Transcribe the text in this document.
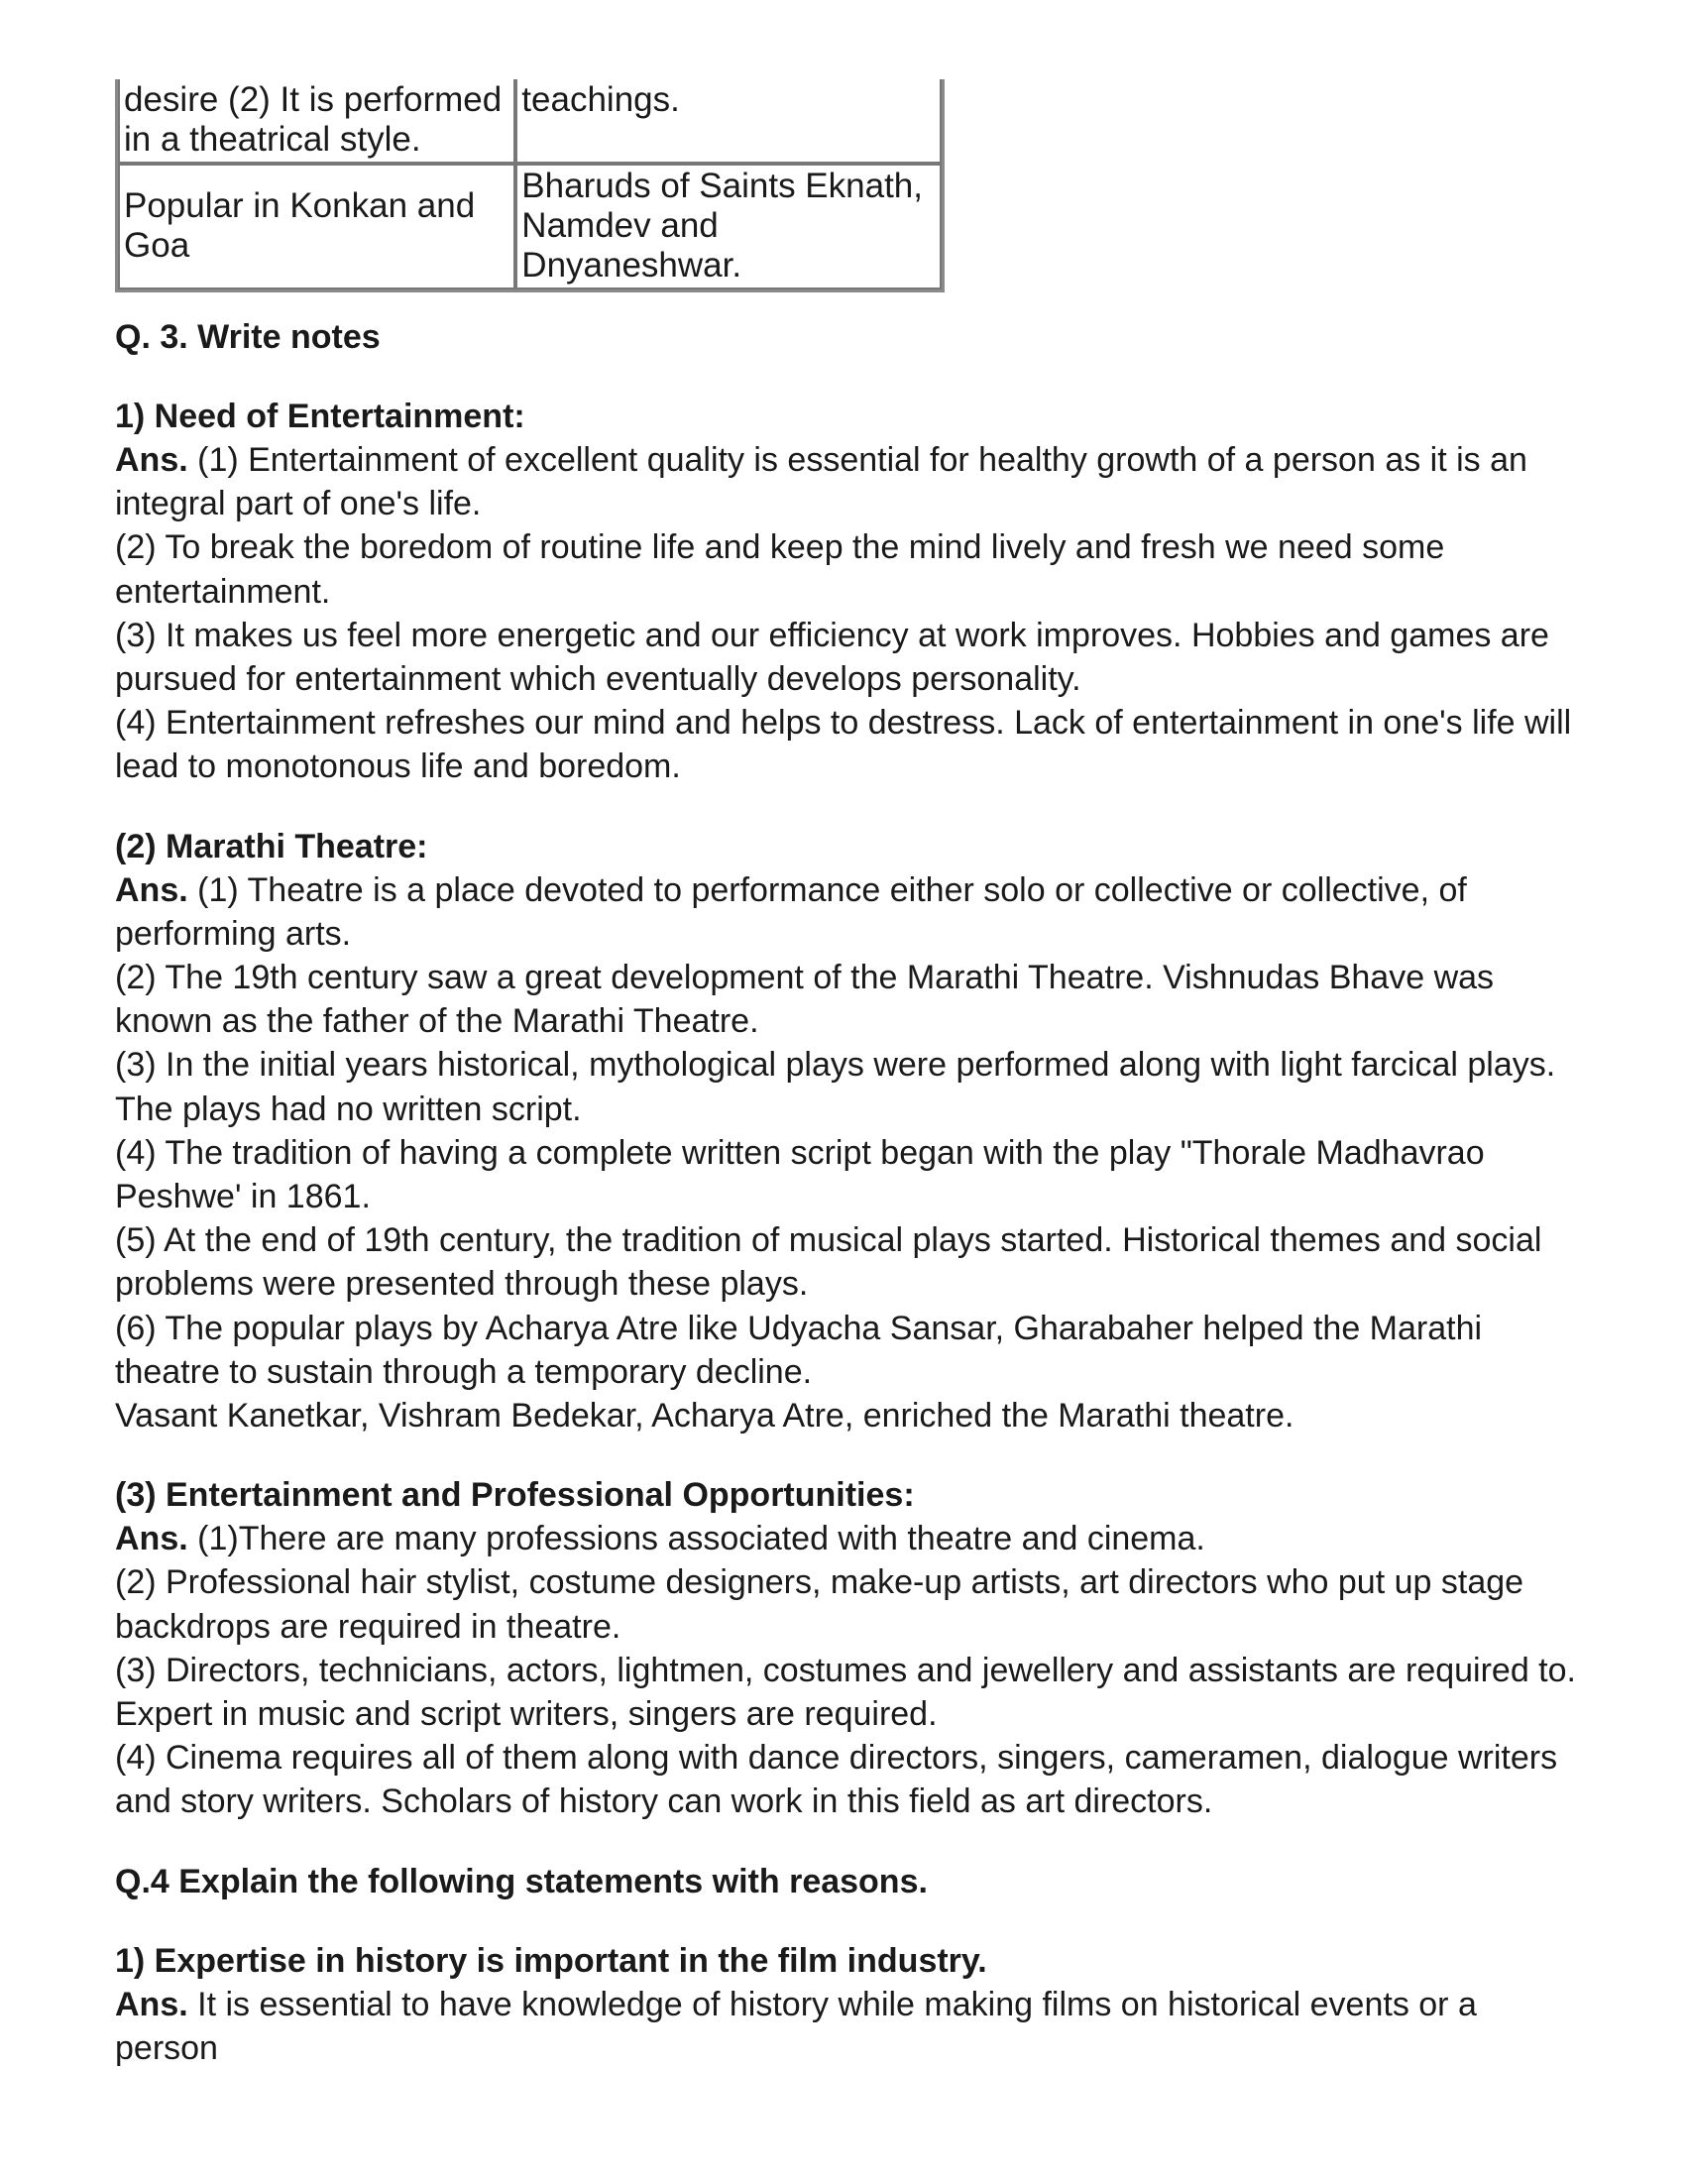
desire (2) It is performed in a theatrical style.	teachings.
Popular in Konkan and Goa	Bharuds of Saints Eknath, Namdev and Dnyaneshwar.

Q. 3. Write notes

1) Need of Entertainment:

Ans. (1) Entertainment of excellent quality is essential for healthy growth of a person as it is an integral part of one's life.

(2) To break the boredom of routine life and keep the mind lively and fresh we need some entertainment.

(3) It makes us feel more energetic and our efficiency at work improves. Hobbies and games are pursued for entertainment which eventually develops personality.

(4) Entertainment refreshes our mind and helps to destress. Lack of entertainment in one's life will lead to monotonous life and boredom.

(2) Marathi Theatre:

Ans. (1) Theatre is a place devoted to performance either solo or collective or collective, of performing arts.

(2) The 19th century saw a great development of the Marathi Theatre. Vishnudas Bhave was known as the father of the Marathi Theatre.

(3) In the initial years historical, mythological plays were performed along with light farcical plays. The plays had no written script.

(4) The tradition of having a complete written script began with the play "Thorale Madhavrao Peshwe' in 1861.

(5) At the end of 19th century, the tradition of musical plays started. Historical themes and social problems were presented through these plays.

(6) The popular plays by Acharya Atre like Udyacha Sansar, Gharabaher helped the Marathi theatre to sustain through a temporary decline.

Vasant Kanetkar, Vishram Bedekar, Acharya Atre, enriched the Marathi theatre.

(3) Entertainment and Professional Opportunities:

Ans. (1)There are many professions associated with theatre and cinema.

(2) Professional hair stylist, costume designers, make-up artists, art directors who put up stage backdrops are required in theatre.

(3) Directors, technicians, actors, lightmen, costumes and jewellery and assistants are required to. Expert in music and script writers, singers are required.

(4) Cinema requires all of them along with dance directors, singers, cameramen, dialogue writers and story writers. Scholars of history can work in this field as art directors.

Q.4 Explain the following statements with reasons.

1) Expertise in history is important in the film industry.

Ans. It is essential to have knowledge of history while making films on historical events or a person
